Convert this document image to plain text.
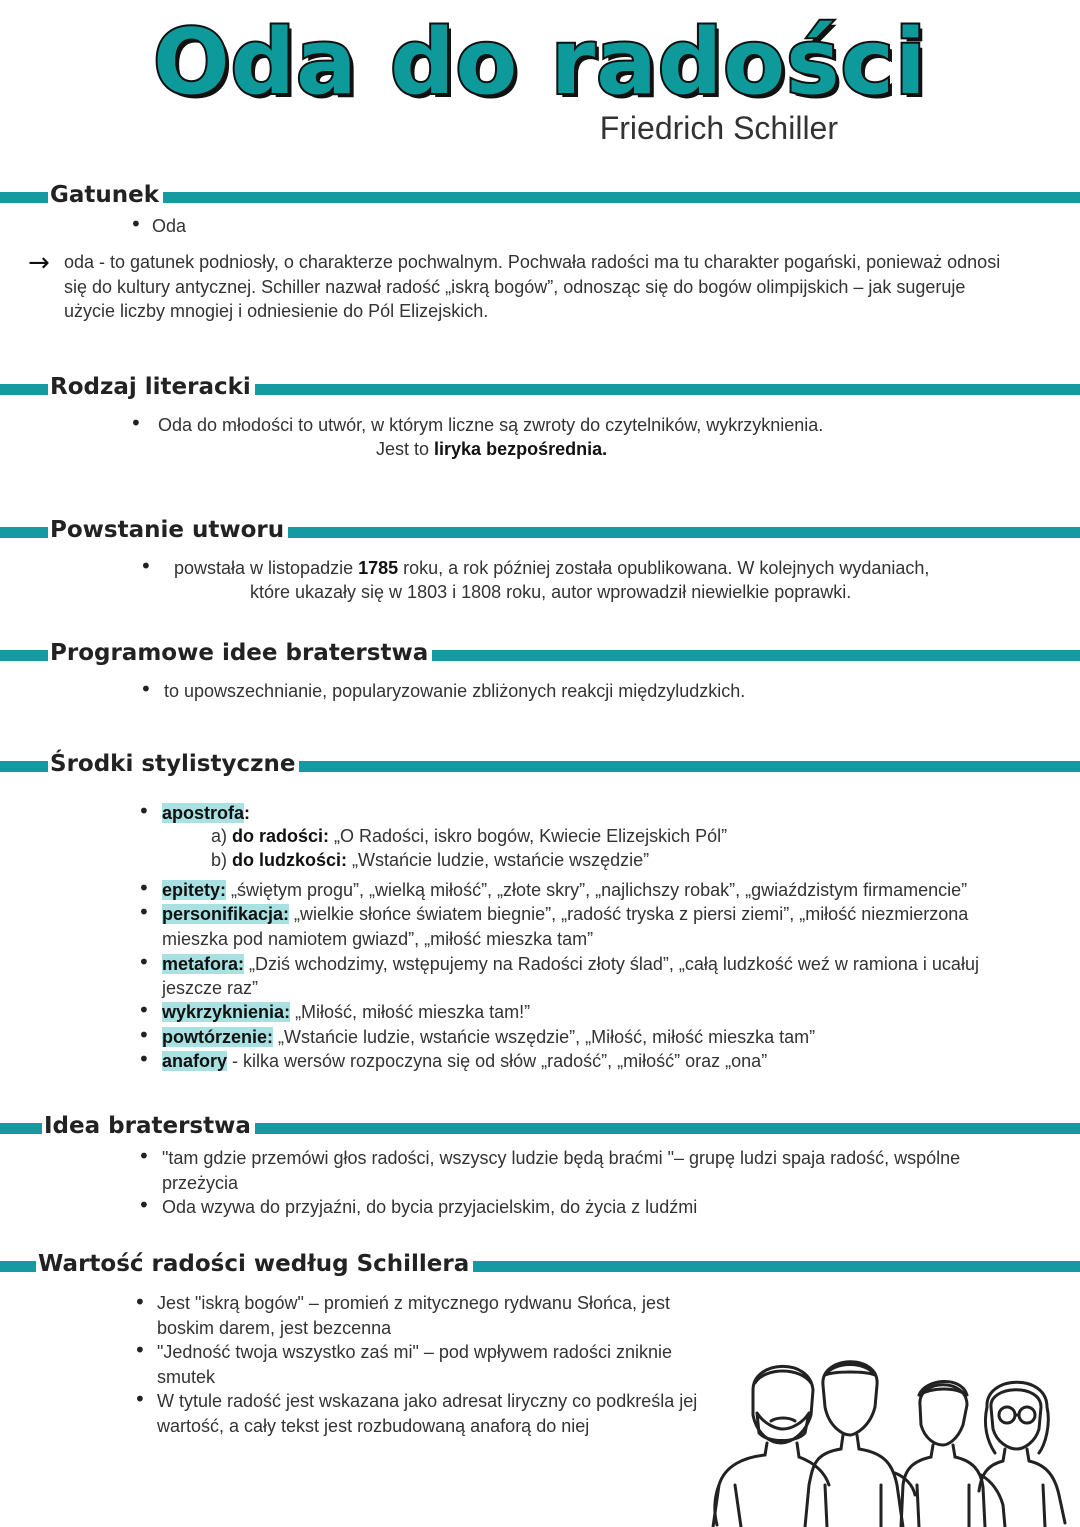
Oda do radości
Friedrich Schiller
Gatunek
• Oda
→ oda - to gatunek podniosły, o charakterze pochwalnym. Pochwała radości ma tu charakter pogański, ponieważ odnosi
się do kultury antycznej. Schiller nazwał radość „iskrą bogów”, odnosząc się do bogów olimpijskich – jak sugeruje
użycie liczby mnogiej i odniesienie do Pól Elizejskich.
Rodzaj literacki
• Oda do młodości to utwór, w którym liczne są zwroty do czytelników, wykrzyknienia.
Jest to liryka bezpośrednia.
Powstanie utworu
• powstała w listopadzie 1785 roku, a rok później została opublikowana. W kolejnych wydaniach,
które ukazały się w 1803 i 1808 roku, autor wprowadził niewielkie poprawki.
Programowe idee braterstwa
• to upowszechnianie, popularyzowanie zbliżonych reakcji międzyludzkich.
Środki stylistyczne
• apostrofa:
a) do radości: „O Radości, iskro bogów, Kwiecie Elizejskich Pól”
b) do ludzkości: „Wstańcie ludzie, wstańcie wszędzie”
• epitety: „świętym progu”, „wielką miłość”, „złote skry”, „najlichszy robak”, „gwiaździstym firmamencie”
• personifikacja: „wielkie słońce światem biegnie”, „radość tryska z piersi ziemi”, „miłość niezmierzona
mieszka pod namiotem gwiazd”, „miłość mieszka tam”
• metafora: „Dziś wchodzimy, wstępujemy na Radości złoty ślad”, „całą ludzkość weź w ramiona i ucałuj
jeszcze raz”
• wykrzyknienia: „Miłość, miłość mieszka tam!”
• powtórzenie: „Wstańcie ludzie, wstańcie wszędzie”, „Miłość, miłość mieszka tam”
• anafory - kilka wersów rozpoczyna się od słów „radość”, „miłość” oraz „ona”
Idea braterstwa
• "tam gdzie przemówi głos radości, wszyscy ludzie będą braćmi "– grupę ludzi spaja radość, wspólne
przeżycia
• Oda wzywa do przyjaźni, do bycia przyjacielskim, do życia z ludźmi
Wartość radości według Schillera
• Jest "iskrą bogów" – promień z mitycznego rydwanu Słońca, jest
boskim darem, jest bezcenna
• "Jedność twoja wszystko zaś mi" – pod wpływem radości zniknie
smutek
• W tytule radość jest wskazana jako adresat liryczny co podkreśla jej
wartość, a cały tekst jest rozbudowaną anaforą do niej
